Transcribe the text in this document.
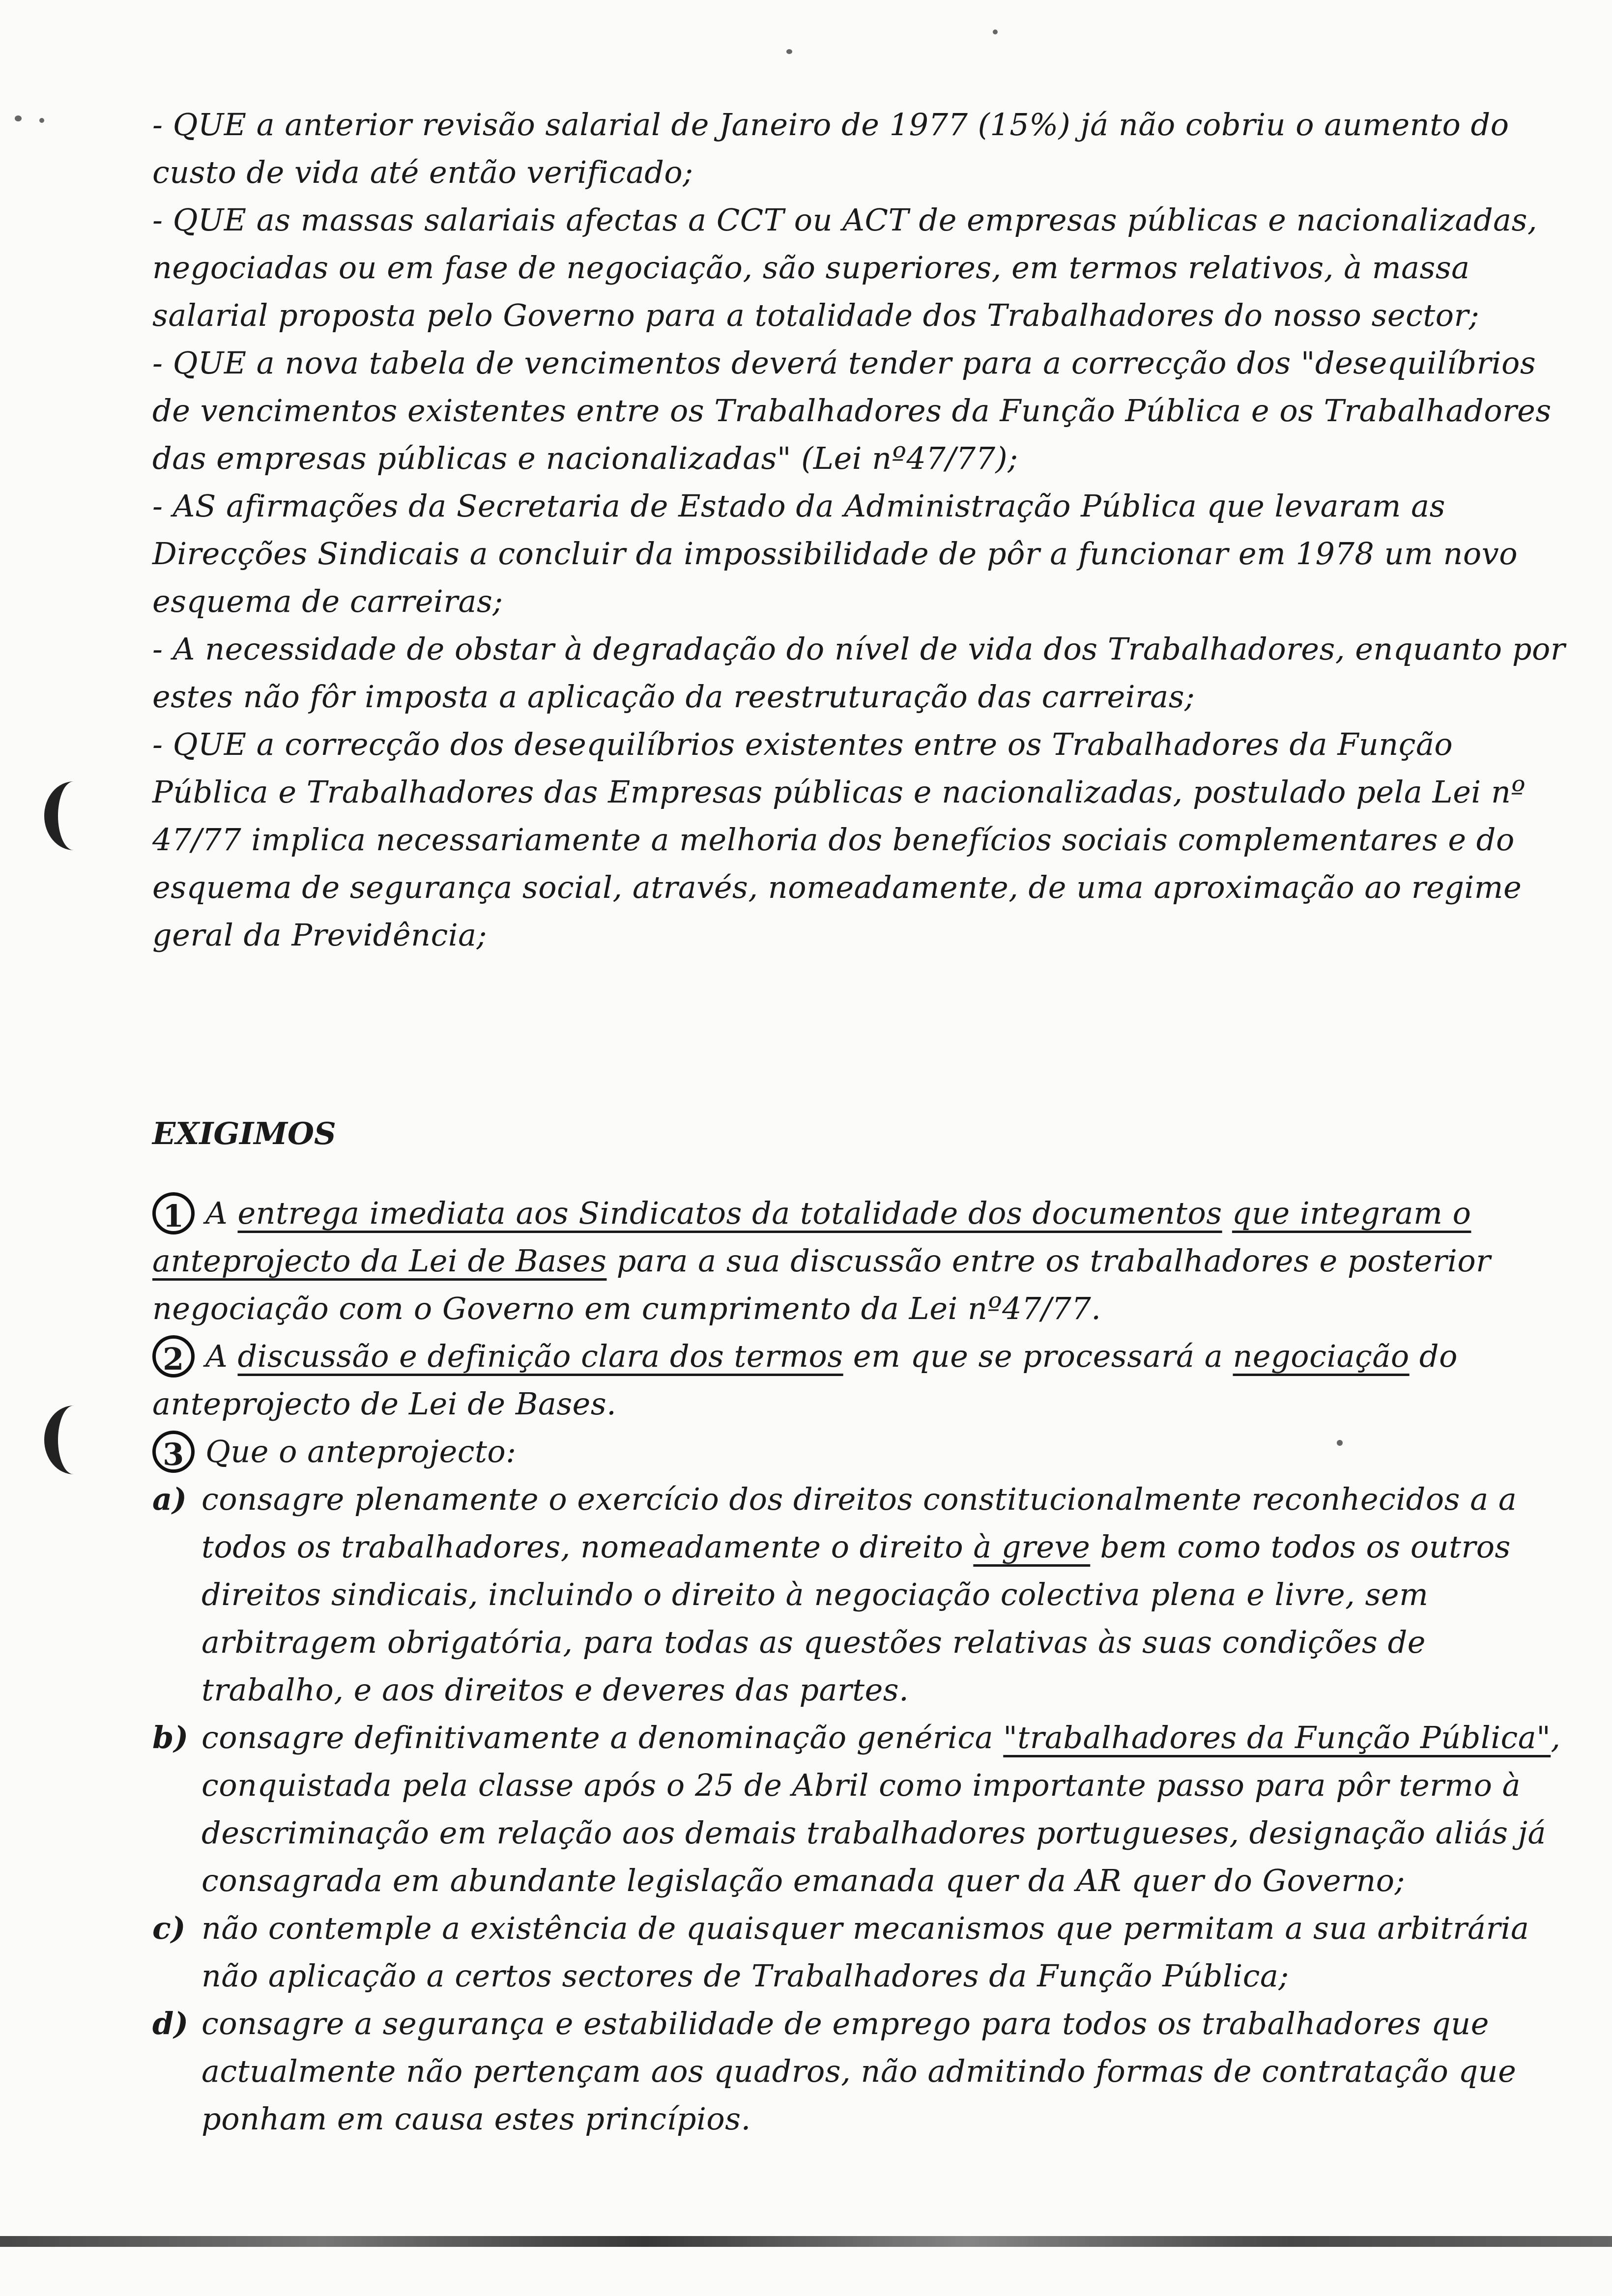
- QUE a anterior revisão salarial de Janeiro de 1977 (15%) já não cobriu o aumento do custo de vida até então verificado;

- QUE as massas salariais afectas a CCT ou ACT de empresas públicas e nacionalizadas, negociadas ou em fase de negociação, são superiores, em termos relativos, à massa salarial proposta pelo Governo para a totalidade dos Trabalhadores do nosso sector;

- QUE a nova tabela de vencimentos deverá tender para a correcção dos "desequilíbrios de vencimentos existentes entre os Trabalhadores da Função Pública e os Trabalhadores das empresas públicas e nacionalizadas" (Lei nº47/77);

- AS afirmações da Secretaria de Estado da Administração Pública que levaram as Direcções Sindicais a concluir da impossibilidade de pôr a funcionar em 1978 um novo esquema de carreiras;

- A necessidade de obstar à degradação do nível de vida dos Trabalhadores, enquanto por estes não fôr imposta a aplicação da reestruturação das carreiras;

- QUE a correcção dos desequilíbrios existentes entre os Trabalhadores da Função Pública e Trabalhadores das Empresas públicas e nacionalizadas, postulado pela Lei nº 47/77 implica necessariamente a melhoria dos benefícios sociais complementares e do esquema de segurança social, através, nomeadamente, de uma aproximação ao regime geral da Previdência;

EXIGIMOS

1 A entrega imediata aos Sindicatos da totalidade dos documentos que integram o anteprojecto da Lei de Bases para a sua discussão entre os trabalhadores e posterior negociação com o Governo em cumprimento da Lei nº47/77.

2 A discussão e definição clara dos termos em que se processará a negociação do anteprojecto de Lei de Bases.

3 Que o anteprojecto:

a) consagre plenamente o exercício dos direitos constitucionalmente reconhecidos a a todos os trabalhadores, nomeadamente o direito à greve bem como todos os outros direitos sindicais, incluindo o direito à negociação colectiva plena e livre, sem arbitragem obrigatória, para todas as questões relativas às suas condições de trabalho, e aos direitos e deveres das partes.
b) consagre definitivamente a denominação genérica "trabalhadores da Função Pública", conquistada pela classe após o 25 de Abril como importante passo para pôr termo à descriminação em relação aos demais trabalhadores portugueses, designação aliás já consagrada em abundante legislação emanada quer da AR quer do Governo;
c) não contemple a existência de quaisquer mecanismos que permitam a sua arbitrária não aplicação a certos sectores de Trabalhadores da Função Pública;
d) consagre a segurança e estabilidade de emprego para todos os trabalhadores que actualmente não pertençam aos quadros, não admitindo formas de contratação que ponham em causa estes princípios.
